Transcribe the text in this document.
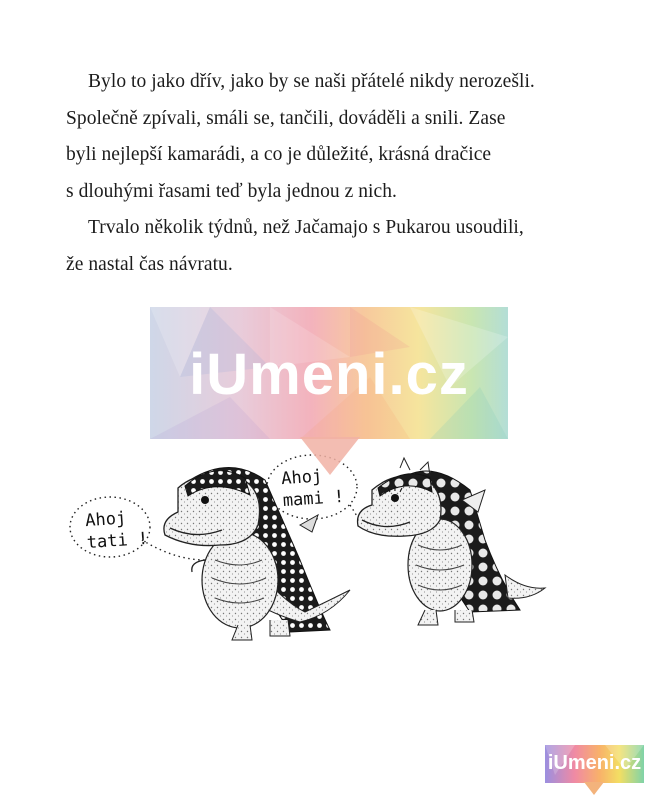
Bylo to jako dřív, jako by se naši přátelé nikdy nerozešli.
Společně zpívali, smáli se, tančili, dováděli a snili. Zase
byli nejlepší kamarádi, a co je důležité, krásná dračice
s dlouhými řasami teď byla jednou z nich.

Trvalo několik týdnů, než Jačamajo s Pukarou usoudili,
že nastal čas návratu.

Ahoj
tati !
Ahoj
mami !
iUmeni.cz
iUmeni.cz
